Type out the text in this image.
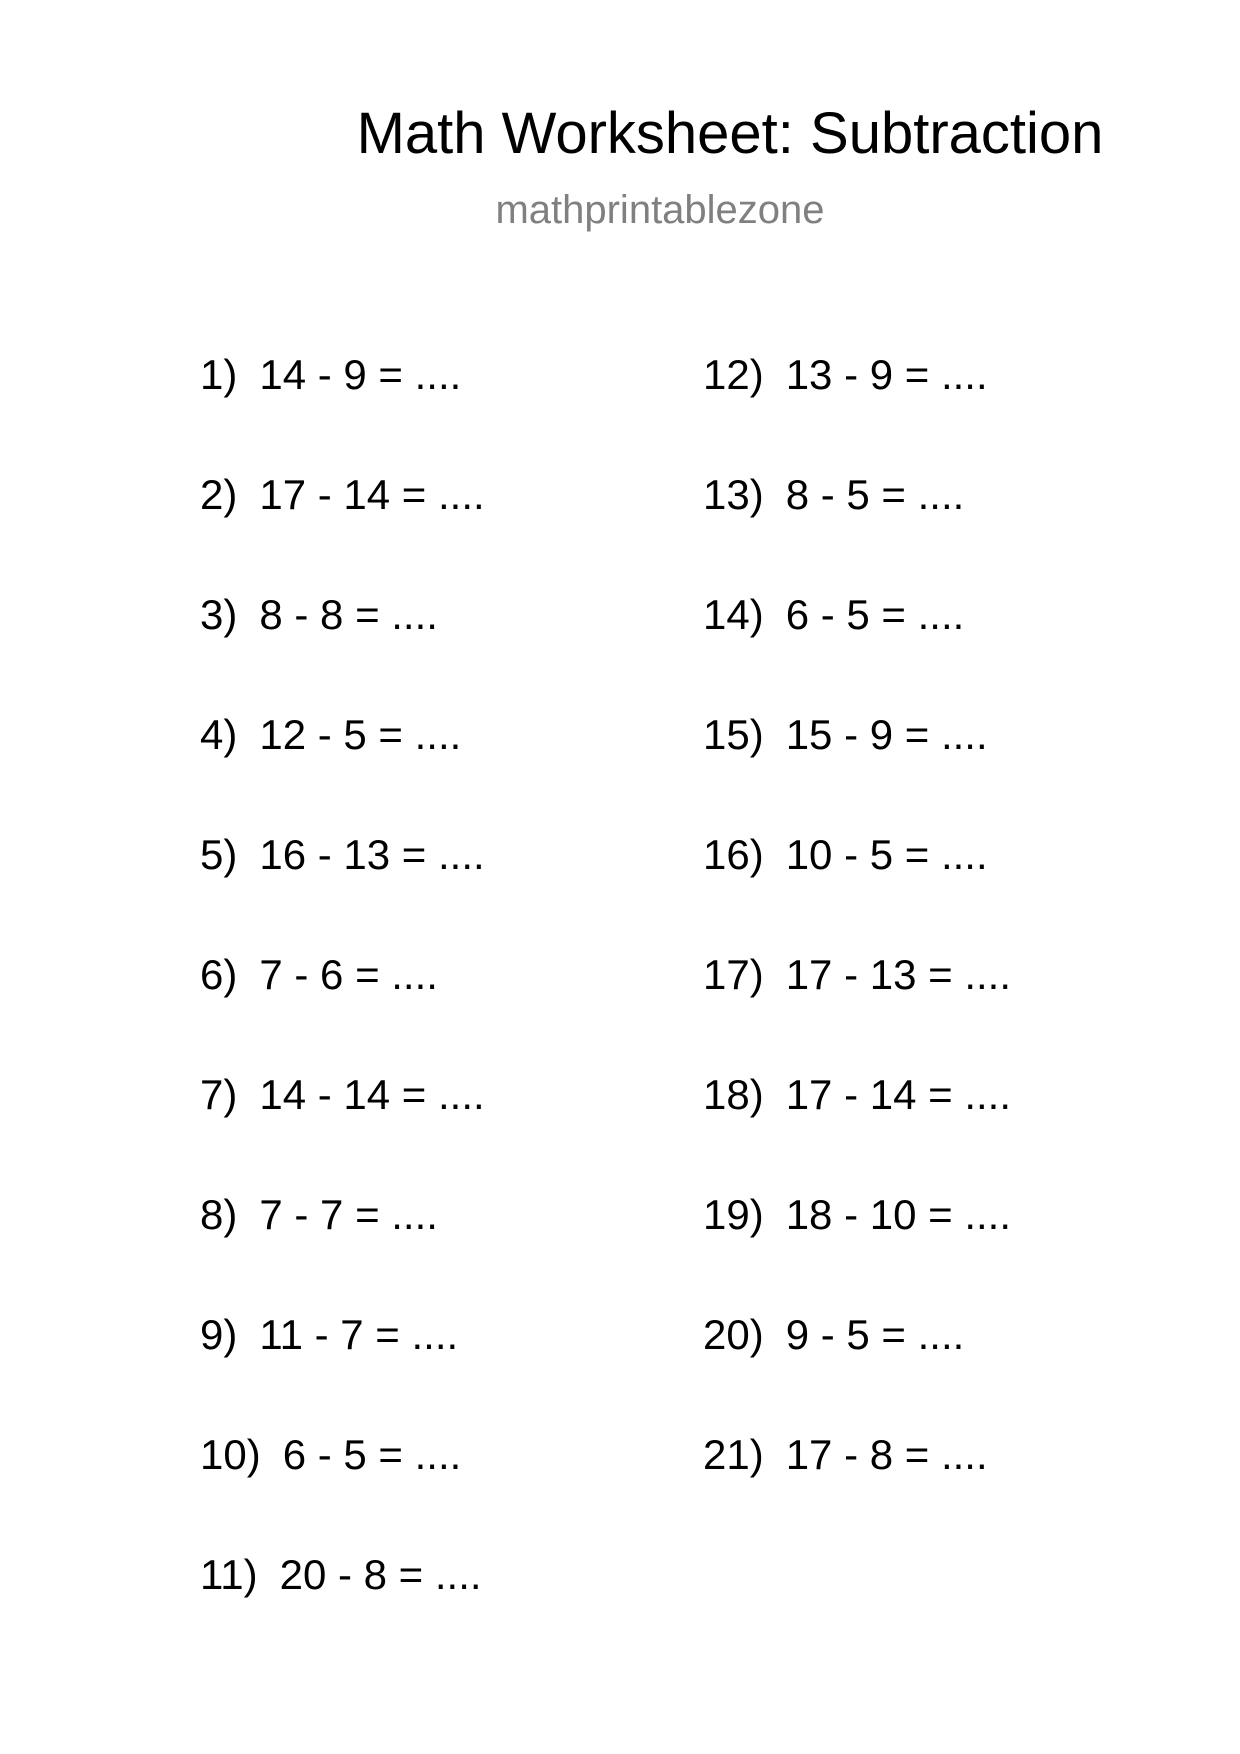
Math Worksheet: Subtraction
mathprintablezone
1) 14 - 9 = ....
2) 17 - 14 = ....
3) 8 - 8 = ....
4) 12 - 5 = ....
5) 16 - 13 = ....
6) 7 - 6 = ....
7) 14 - 14 = ....
8) 7 - 7 = ....
9) 11 - 7 = ....
10) 6 - 5 = ....
11) 20 - 8 = ....
12) 13 - 9 = ....
13) 8 - 5 = ....
14) 6 - 5 = ....
15) 15 - 9 = ....
16) 10 - 5 = ....
17) 17 - 13 = ....
18) 17 - 14 = ....
19) 18 - 10 = ....
20) 9 - 5 = ....
21) 17 - 8 = ....
